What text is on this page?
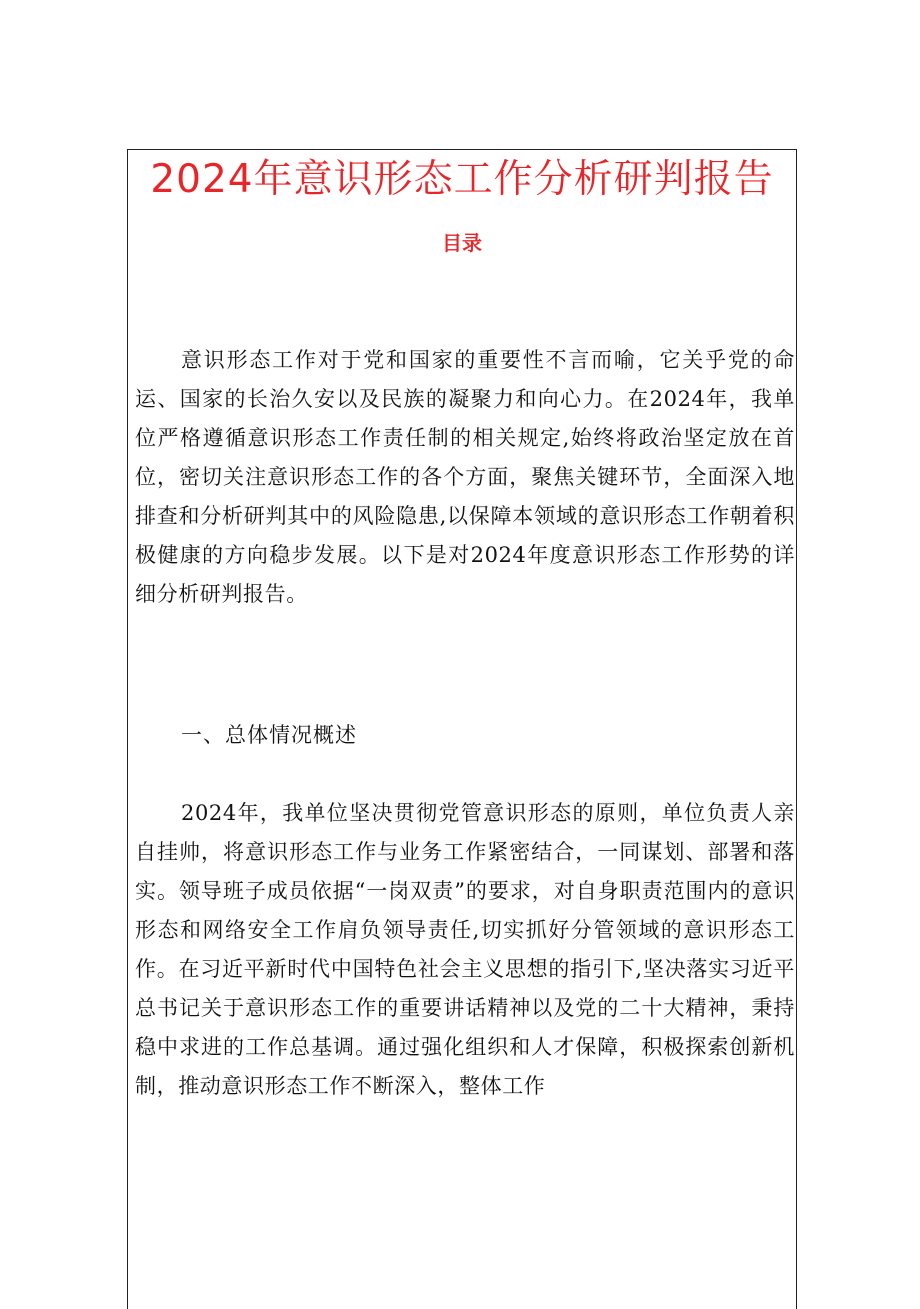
2024年意识形态工作分析研判报告
目录

意识形态工作对于党和国家的重要性不言而喻，它关乎党的命运、国家的长治久安以及民族的凝聚力和向心力。在2024年，我单位严格遵循意识形态工作责任制的相关规定,始终将政治坚定放在首位，密切关注意识形态工作的各个方面，聚焦关键环节，全面深入地排查和分析研判其中的风险隐患,以保障本领域的意识形态工作朝着积极健康的方向稳步发展。以下是对2024年度意识形态工作形势的详细分析研判报告。

一、总体情况概述

2024年，我单位坚决贯彻党管意识形态的原则，单位负责人亲自挂帅，将意识形态工作与业务工作紧密结合，一同谋划、部署和落实。领导班子成员依据“一岗双责”的要求，对自身职责范围内的意识形态和网络安全工作肩负领导责任,切实抓好分管领域的意识形态工作。在习近平新时代中国特色社会主义思想的指引下,坚决落实习近平总书记关于意识形态工作的重要讲话精神以及党的二十大精神，秉持稳中求进的工作总基调。通过强化组织和人才保障，积极探索创新机制，推动意识形态工作不断深入，整体工作
